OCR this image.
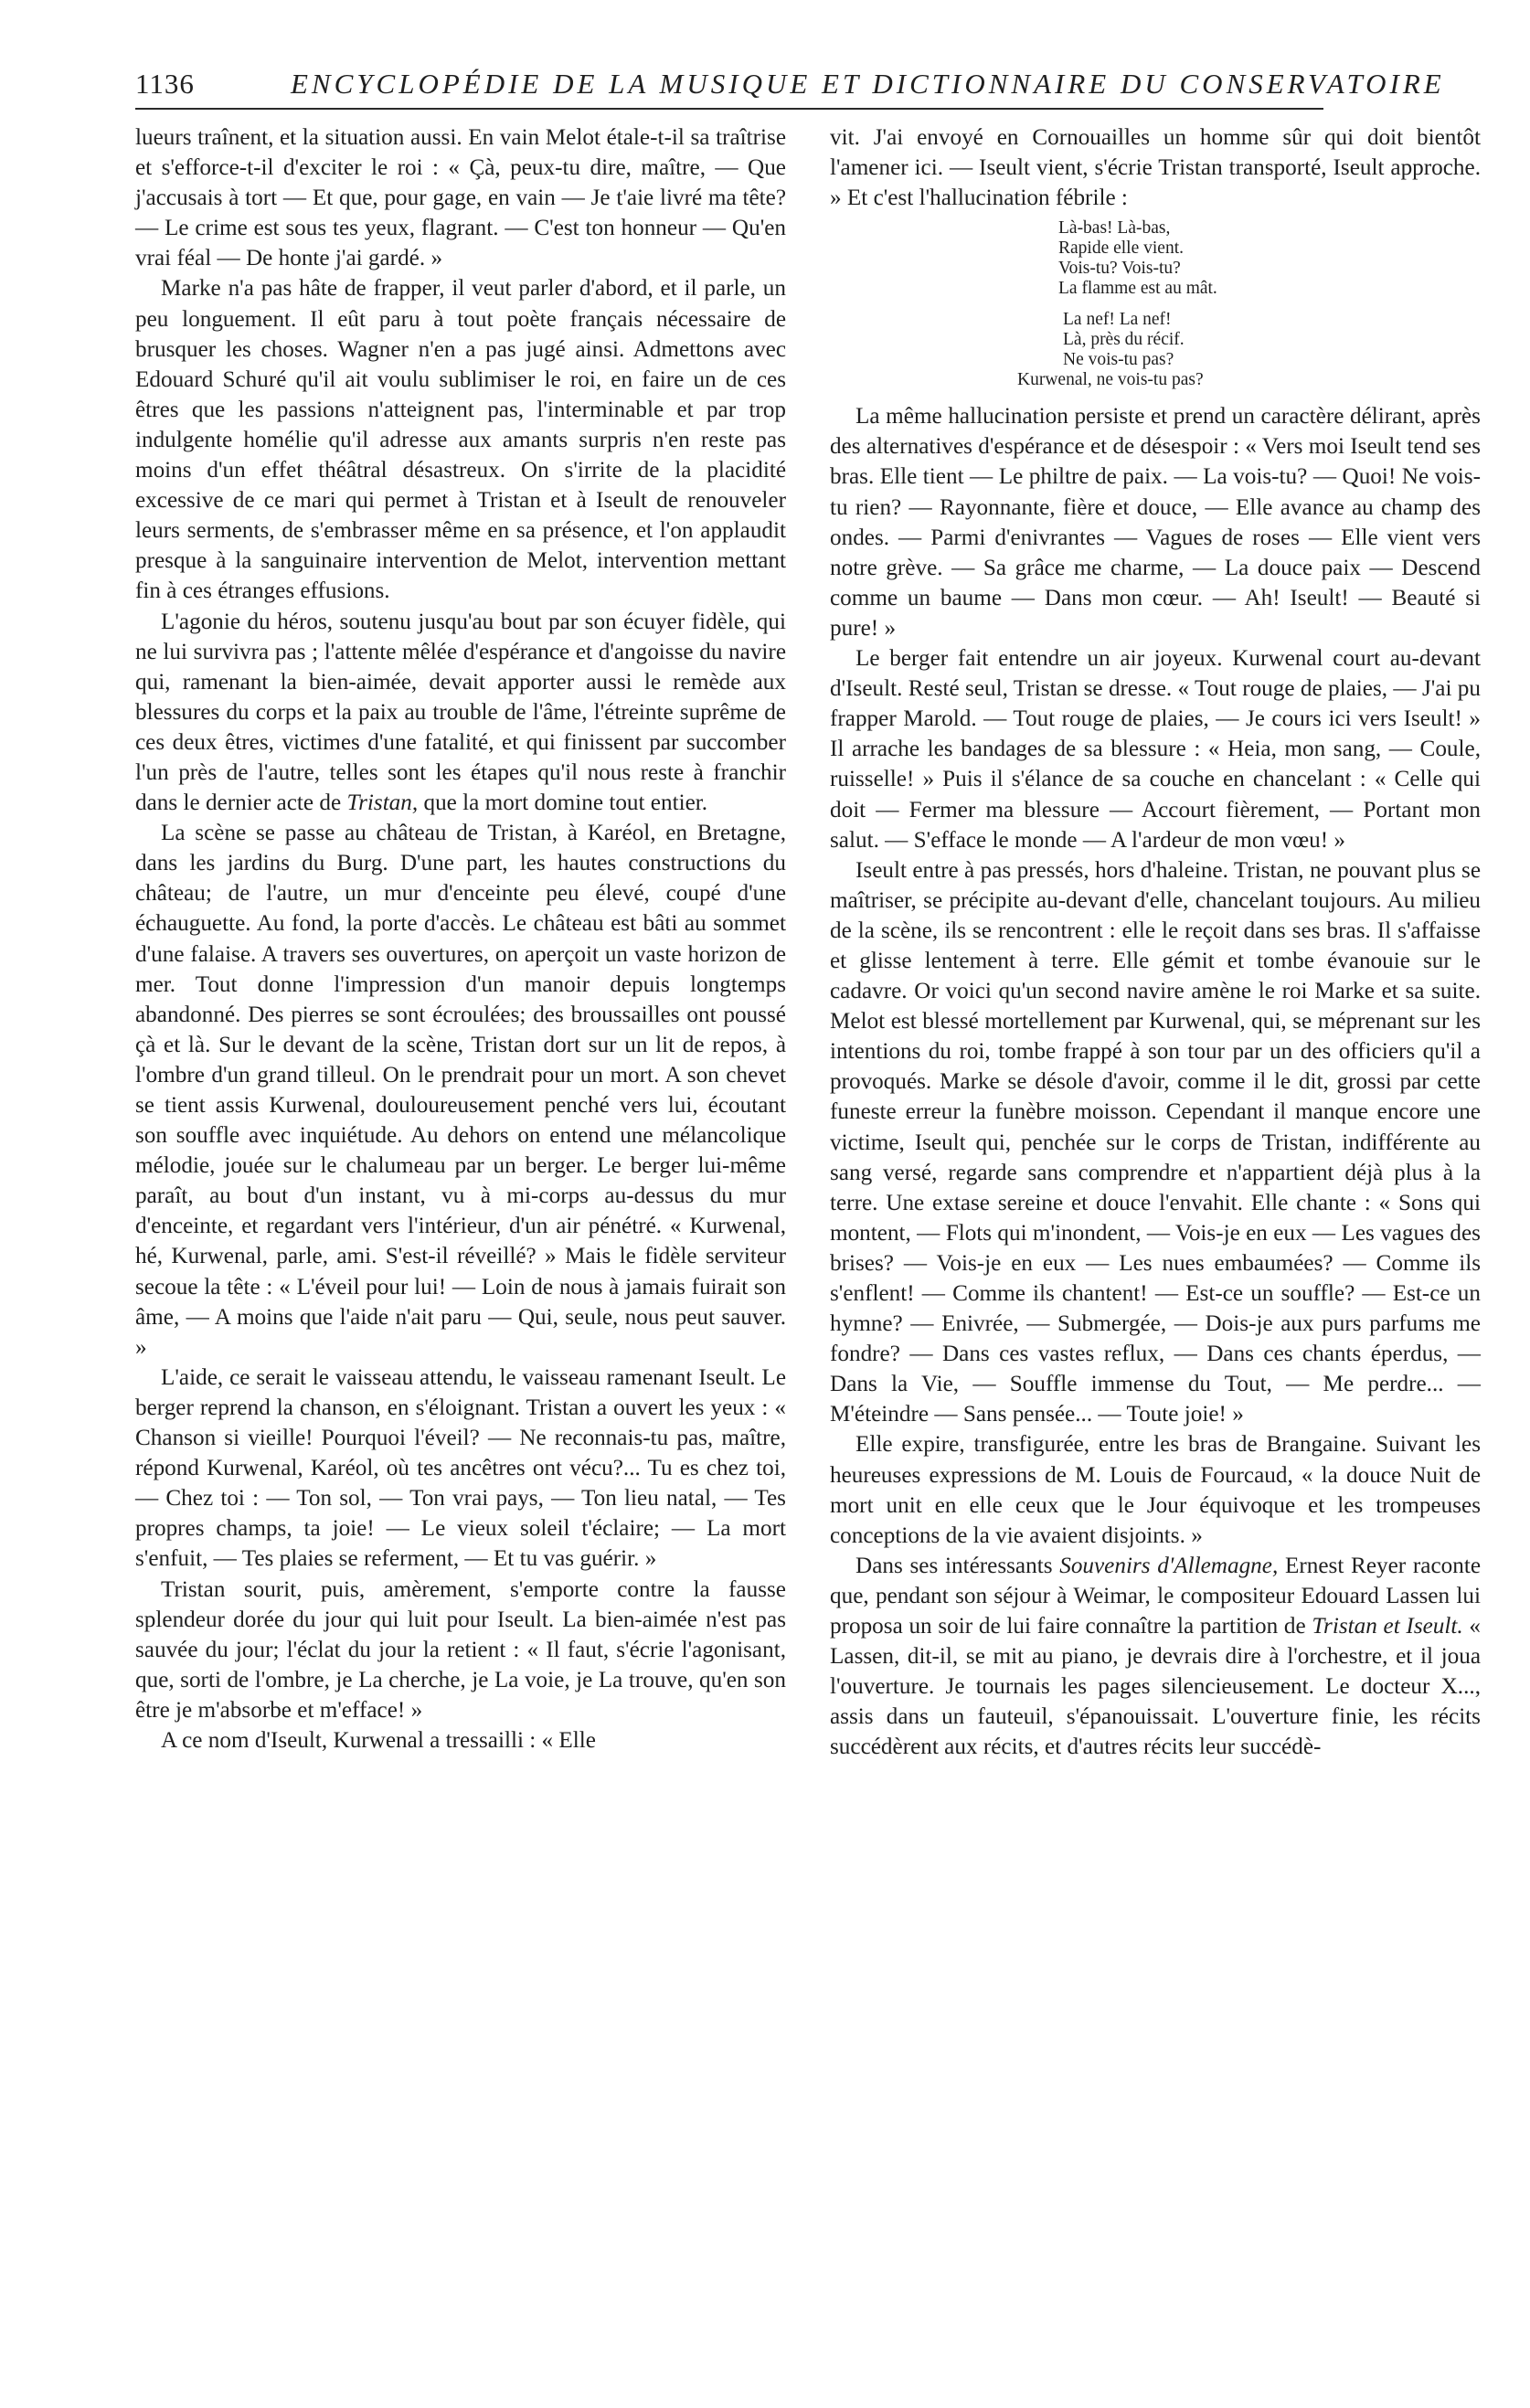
1136	ENCYCLOPÉDIE DE LA MUSIQUE ET DICTIONNAIRE DU CONSERVATOIRE

lueurs traînent, et la situation aussi. En vain Melot étale-t-il sa traîtrise et s'efforce-t-il d'exciter le roi : « Çà, peux-tu dire, maître, — Que j'accusais à tort — Et que, pour gage, en vain — Je t'aie livré ma tête? — Le crime est sous tes yeux, flagrant. — C'est ton honneur — Qu'en vrai féal — De honte j'ai gardé. »

Marke n'a pas hâte de frapper, il veut parler d'abord, et il parle, un peu longuement. Il eût paru à tout poète français nécessaire de brusquer les choses. Wagner n'en a pas jugé ainsi. Admettons avec Edouard Schuré qu'il ait voulu sublimiser le roi, en faire un de ces êtres que les passions n'atteignent pas, l'interminable et par trop indulgente homélie qu'il adresse aux amants surpris n'en reste pas moins d'un effet théâtral désastreux. On s'irrite de la placidité excessive de ce mari qui permet à Tristan et à Iseult de renouveler leurs serments, de s'embrasser même en sa présence, et l'on applaudit presque à la sanguinaire intervention de Melot, intervention mettant fin à ces étranges effusions.

L'agonie du héros, soutenu jusqu'au bout par son écuyer fidèle, qui ne lui survivra pas ; l'attente mêlée d'espérance et d'angoisse du navire qui, ramenant la bien-aimée, devait apporter aussi le remède aux blessures du corps et la paix au trouble de l'âme, l'étreinte suprême de ces deux êtres, victimes d'une fatalité, et qui finissent par succomber l'un près de l'autre, telles sont les étapes qu'il nous reste à franchir dans le dernier acte de Tristan, que la mort domine tout entier.

La scène se passe au château de Tristan, à Karéol, en Bretagne, dans les jardins du Burg. D'une part, les hautes constructions du château; de l'autre, un mur d'enceinte peu élevé, coupé d'une échauguette. Au fond, la porte d'accès. Le château est bâti au sommet d'une falaise. A travers ses ouvertures, on aperçoit un vaste horizon de mer. Tout donne l'impression d'un manoir depuis longtemps abandonné. Des pierres se sont écroulées; des broussailles ont poussé çà et là. Sur le devant de la scène, Tristan dort sur un lit de repos, à l'ombre d'un grand tilleul. On le prendrait pour un mort. A son chevet se tient assis Kurwenal, douloureusement penché vers lui, écoutant son souffle avec inquiétude. Au dehors on entend une mélancolique mélodie, jouée sur le chalumeau par un berger. Le berger lui-même paraît, au bout d'un instant, vu à mi-corps au-dessus du mur d'enceinte, et regardant vers l'intérieur, d'un air pénétré. « Kurwenal, hé, Kurwenal, parle, ami. S'est-il réveillé? » Mais le fidèle serviteur secoue la tête : « L'éveil pour lui! — Loin de nous à jamais fuirait son âme, — A moins que l'aide n'ait paru — Qui, seule, nous peut sauver. »

L'aide, ce serait le vaisseau attendu, le vaisseau ramenant Iseult. Le berger reprend la chanson, en s'éloignant. Tristan a ouvert les yeux : « Chanson si vieille! Pourquoi l'éveil? — Ne reconnais-tu pas, maître, répond Kurwenal, Karéol, où tes ancêtres ont vécu?... Tu es chez toi, — Chez toi : — Ton sol, — Ton vrai pays, — Ton lieu natal, — Tes propres champs, ta joie! — Le vieux soleil t'éclaire; — La mort s'enfuit, — Tes plaies se referment, — Et tu vas guérir. »

Tristan sourit, puis, amèrement, s'emporte contre la fausse splendeur dorée du jour qui luit pour Iseult. La bien-aimée n'est pas sauvée du jour; l'éclat du jour la retient : « Il faut, s'écrie l'agonisant, que, sorti de l'ombre, je La cherche, je La voie, je La trouve, qu'en son être je m'absorbe et m'efface! »

A ce nom d'Iseult, Kurwenal a tressailli : « Elle

vit. J'ai envoyé en Cornouailles un homme sûr qui doit bientôt l'amener ici. — Iseult vient, s'écrie Tristan transporté, Iseult approche. » Et c'est l'hallucination fébrile :

Là-bas! Là-bas,
Rapide elle vient.
Vois-tu? Vois-tu?
La flamme est au mât.
La nef! La nef!
Là, près du récif.
Ne vois-tu pas?
Kurwenal, ne vois-tu pas?

La même hallucination persiste et prend un caractère délirant, après des alternatives d'espérance et de désespoir : « Vers moi Iseult tend ses bras. Elle tient — Le philtre de paix. — La vois-tu? — Quoi! Ne vois-tu rien? — Rayonnante, fière et douce, — Elle avance au champ des ondes. — Parmi d'enivrantes — Vagues de roses — Elle vient vers notre grève. — Sa grâce me charme, — La douce paix — Descend comme un baume — Dans mon cœur. — Ah! Iseult! — Beauté si pure! »

Le berger fait entendre un air joyeux. Kurwenal court au-devant d'Iseult. Resté seul, Tristan se dresse. « Tout rouge de plaies, — J'ai pu frapper Marold. — Tout rouge de plaies, — Je cours ici vers Iseult! » Il arrache les bandages de sa blessure : « Heia, mon sang, — Coule, ruisselle! » Puis il s'élance de sa couche en chancelant : « Celle qui doit — Fermer ma blessure — Accourt fièrement, — Portant mon salut. — S'efface le monde — A l'ardeur de mon vœu! »

Iseult entre à pas pressés, hors d'haleine. Tristan, ne pouvant plus se maîtriser, se précipite au-devant d'elle, chancelant toujours. Au milieu de la scène, ils se rencontrent : elle le reçoit dans ses bras. Il s'affaisse et glisse lentement à terre. Elle gémit et tombe évanouie sur le cadavre. Or voici qu'un second navire amène le roi Marke et sa suite. Melot est blessé mortellement par Kurwenal, qui, se méprenant sur les intentions du roi, tombe frappé à son tour par un des officiers qu'il a provoqués. Marke se désole d'avoir, comme il le dit, grossi par cette funeste erreur la funèbre moisson. Cependant il manque encore une victime, Iseult qui, penchée sur le corps de Tristan, indifférente au sang versé, regarde sans comprendre et n'appartient déjà plus à la terre. Une extase sereine et douce l'envahit. Elle chante : « Sons qui montent, — Flots qui m'inondent, — Vois-je en eux — Les vagues des brises? — Vois-je en eux — Les nues embaumées? — Comme ils s'enflent! — Comme ils chantent! — Est-ce un souffle? — Est-ce un hymne? — Enivrée, — Submergée, — Dois-je aux purs parfums me fondre? — Dans ces vastes reflux, — Dans ces chants éperdus, — Dans la Vie, — Souffle immense du Tout, — Me perdre... — M'éteindre — Sans pensée... — Toute joie! »

Elle expire, transfigurée, entre les bras de Brangaine. Suivant les heureuses expressions de M. Louis de Fourcaud, « la douce Nuit de mort unit en elle ceux que le Jour équivoque et les trompeuses conceptions de la vie avaient disjoints. »

Dans ses intéressants Souvenirs d'Allemagne, Ernest Reyer raconte que, pendant son séjour à Weimar, le compositeur Edouard Lassen lui proposa un soir de lui faire connaître la partition de Tristan et Iseult. « Lassen, dit-il, se mit au piano, je devrais dire à l'orchestre, et il joua l'ouverture. Je tournais les pages silencieusement. Le docteur X..., assis dans un fauteuil, s'épanouissait. L'ouverture finie, les récits succédèrent aux récits, et d'autres récits leur succédè-
